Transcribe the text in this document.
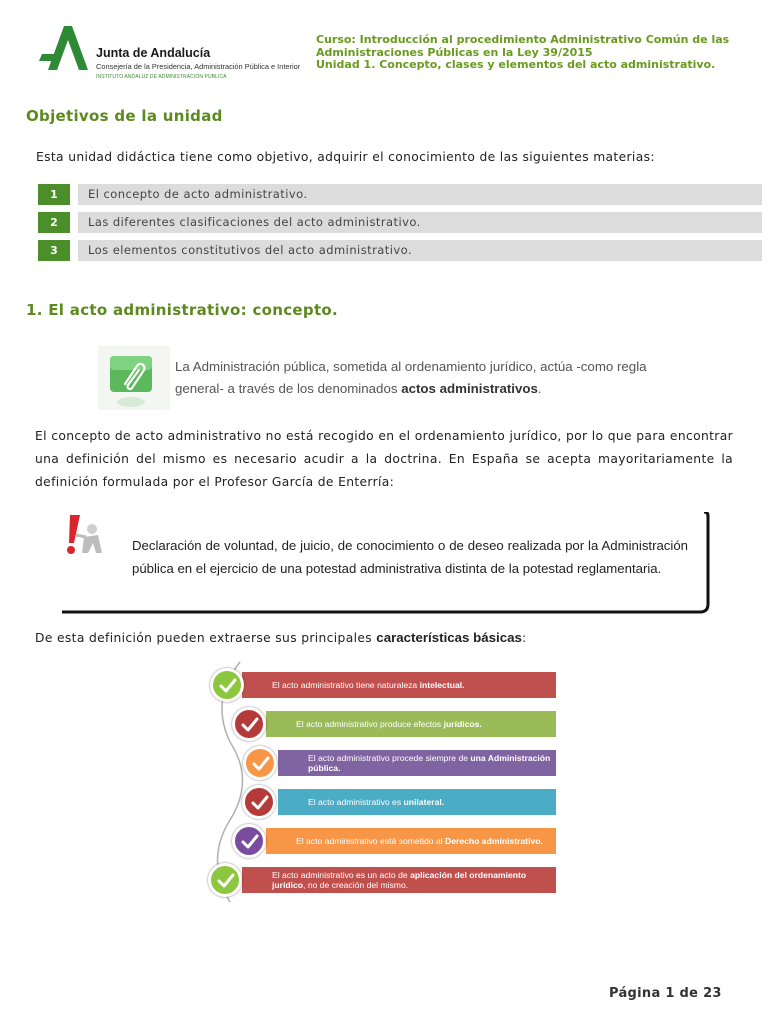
Junta de Andalucía
Consejería de la Presidencia, Administración Pública e Interior
INSTITUTO ANDALUZ DE ADMINISTRACIÓN PÚBLICA
Curso: Introducción al procedimiento Administrativo Común de las
Administraciones Públicas en la Ley 39/2015
Unidad 1. Concepto, clases y elementos del acto administrativo.
Objetivos de la unidad
Esta unidad didáctica tiene como objetivo, adquirir el conocimiento de las siguientes materias:
1	El concepto de acto administrativo.
2	Las diferentes clasificaciones del acto administrativo.
3	Los elementos constitutivos del acto administrativo.
1. El acto administrativo: concepto.
La Administración pública, sometida al ordenamiento jurídico, actúa -como regla general- a través de los denominados actos administrativos.
El concepto de acto administrativo no está recogido en el ordenamiento jurídico, por lo que para encontrar una definición del mismo es necesario acudir a la doctrina. En España se acepta mayoritariamente la definición formulada por el Profesor García de Enterría:
Declaración de voluntad, de juicio, de conocimiento o de deseo realizada por la Administración pública en el ejercicio de una potestad administrativa distinta de la potestad reglamentaria.
De esta definición pueden extraerse sus principales características básicas:
El acto administrativo tiene naturaleza intelectual.
El acto administrativo produce efectos jurídicos.
El acto administrativo procede siempre de una Administración pública.
El acto administrativo es unilateral.
El acto administrativo está sometido al Derecho administrativo.
El acto administrativo es un acto de aplicación del ordenamiento jurídico, no de creación del mismo.
Página 1 de 23
